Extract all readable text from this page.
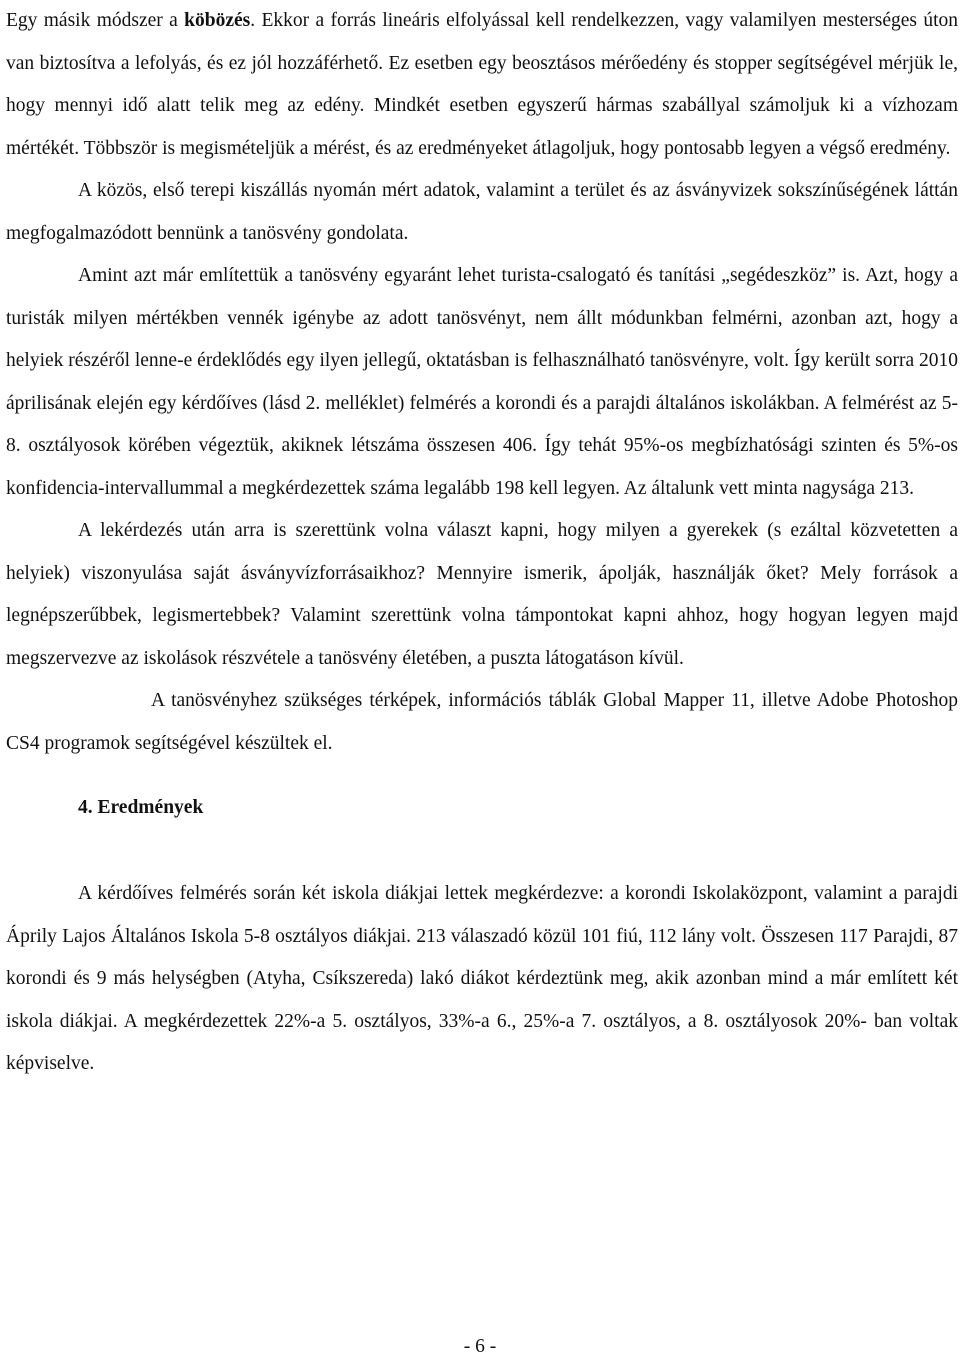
Egy másik módszer a köbözés. Ekkor a forrás lineáris elfolyással kell rendelkezzen, vagy valamilyen mesterséges úton van biztosítva a lefolyás, és ez jól hozzáférhető. Ez esetben egy beosztásos mérőedény és stopper segítségével mérjük le, hogy mennyi idő alatt telik meg az edény. Mindkét esetben egyszerű hármas szabállyal számoljuk ki a vízhozam mértékét. Többször is megismételjük a mérést, és az eredményeket átlagoljuk, hogy pontosabb legyen a végső eredmény.

A közös, első terepi kiszállás nyomán mért adatok, valamint a terület és az ásványvizek sokszínűségének láttán megfogalmazódott bennünk a tanösvény gondolata.

Amint azt már említettük a tanösvény egyaránt lehet turista-csalogató és tanítási „segédeszköz” is. Azt, hogy a turisták milyen mértékben vennék igénybe az adott tanösvényt, nem állt módunkban felmérni, azonban azt, hogy a helyiek részéről lenne-e érdeklődés egy ilyen jellegű, oktatásban is felhasználható tanösvényre, volt. Így került sorra 2010 áprilisának elején egy kérdőíves (lásd 2. melléklet) felmérés a korondi és a parajdi általános iskolákban. A felmérést az 5-8. osztályosok körében végeztük, akiknek létszáma összesen 406. Így tehát 95%-os megbízhatósági szinten és 5%-os konfidencia-intervallummal a megkérdezettek száma legalább 198 kell legyen. Az általunk vett minta nagysága 213.

A lekérdezés után arra is szerettünk volna választ kapni, hogy milyen a gyerekek (s ezáltal közvetetten a helyiek) viszonyulása saját ásványvízforrásaikhoz? Mennyire ismerik, ápolják, használják őket? Mely források a legnépszerűbbek, legismertebbek? Valamint szerettünk volna támpontokat kapni ahhoz, hogy hogyan legyen majd megszervezve az iskolások részvétele a tanösvény életében, a puszta látogatáson kívül.

A tanösvényhez szükséges térképek, információs táblák Global Mapper 11, illetve Adobe Photoshop CS4 programok segítségével készültek el.

4. Eredmények

A kérdőíves felmérés során két iskola diákjai lettek megkérdezve: a korondi Iskolaközpont, valamint a parajdi Áprily Lajos Általános Iskola 5-8 osztályos diákjai. 213 válaszadó közül 101 fiú, 112 lány volt. Összesen 117 Parajdi, 87 korondi és 9 más helységben (Atyha, Csíkszereda) lakó diákot kérdeztünk meg, akik azonban mind a már említett két iskola diákjai. A megkérdezettek 22%-a 5. osztályos, 33%-a 6., 25%-a 7. osztályos, a 8. osztályosok 20%- ban voltak képviselve.

- 6 -
